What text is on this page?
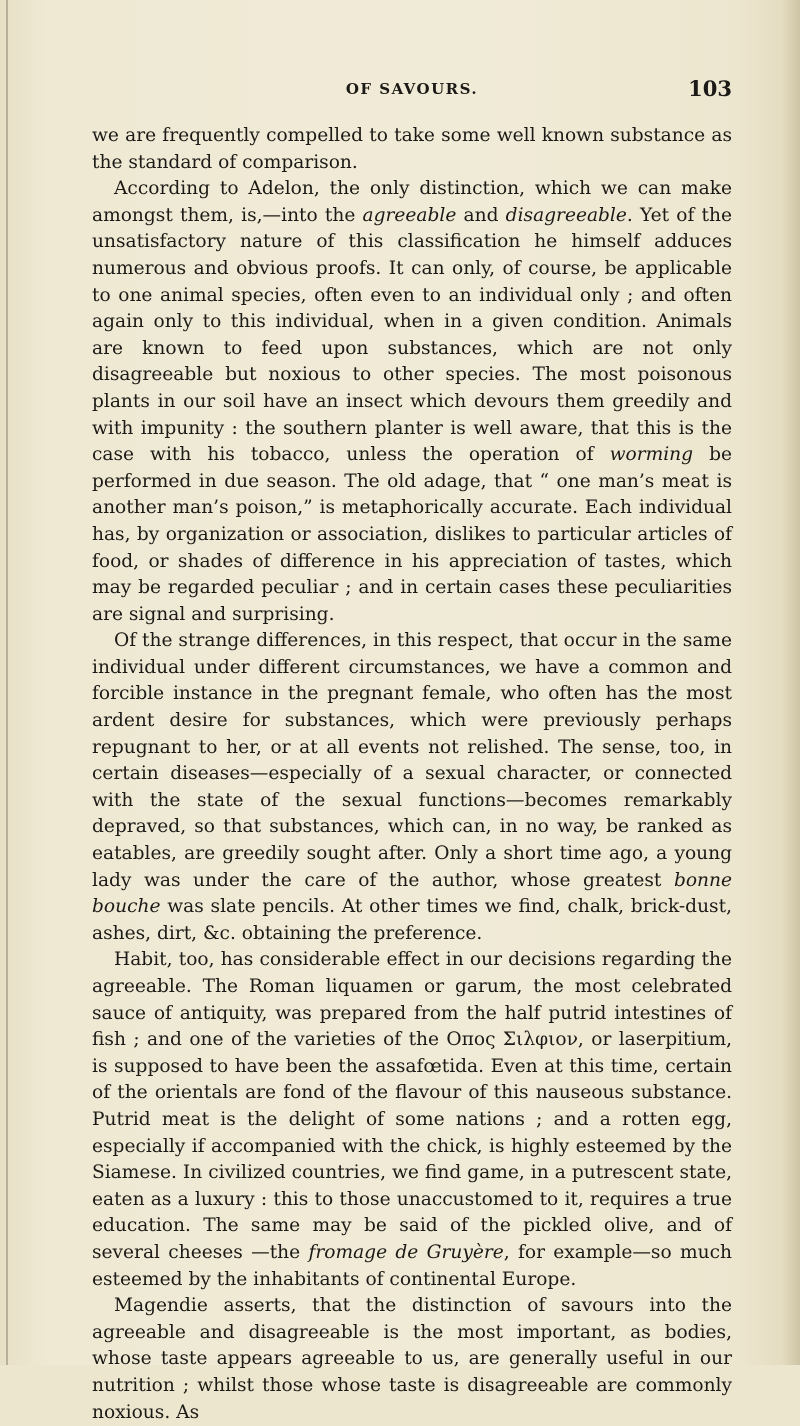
OF SAVOURS.	103

we are frequently compelled to take some well known substance as the standard of comparison.

According to Adelon, the only distinction, which we can make amongst them, is,—into the agreeable and disagreeable. Yet of the unsatisfactory nature of this classification he himself adduces numerous and obvious proofs. It can only, of course, be applicable to one animal species, often even to an individual only ; and often again only to this individual, when in a given condition. Animals are known to feed upon substances, which are not only disagreeable but noxious to other species. The most poisonous plants in our soil have an insect which devours them greedily and with impunity : the southern planter is well aware, that this is the case with his tobacco, unless the operation of worming be performed in due season. The old adage, that “ one man’s meat is another man’s poison,” is metaphorically accurate. Each individual has, by organization or association, dislikes to particular articles of food, or shades of difference in his appreciation of tastes, which may be regarded peculiar ; and in certain cases these peculiarities are signal and surprising.

Of the strange differences, in this respect, that occur in the same individual under different circumstances, we have a common and forcible instance in the pregnant female, who often has the most ardent desire for substances, which were previously perhaps repugnant to her, or at all events not relished. The sense, too, in certain diseases—especially of a sexual character, or connected with the state of the sexual functions—becomes remarkably depraved, so that substances, which can, in no way, be ranked as eatables, are greedily sought after. Only a short time ago, a young lady was under the care of the author, whose greatest bonne bouche was slate pencils. At other times we find, chalk, brick-dust, ashes, dirt, &c. obtaining the preference.

Habit, too, has considerable effect in our decisions regarding the agreeable. The Roman liquamen or garum, the most celebrated sauce of antiquity, was prepared from the half putrid intestines of fish ; and one of the varieties of the Οπος Σιλφιον, or laserpitium, is supposed to have been the assafœtida. Even at this time, certain of the orientals are fond of the flavour of this nauseous substance. Putrid meat is the delight of some nations ; and a rotten egg, especially if accompanied with the chick, is highly esteemed by the Siamese. In civilized countries, we find game, in a putrescent state, eaten as a luxury : this to those unaccustomed to it, requires a true education. The same may be said of the pickled olive, and of several cheeses —the fromage de Gruyère, for example—so much esteemed by the inhabitants of continental Europe.

Magendie asserts, that the distinction of savours into the agreeable and disagreeable is the most important, as bodies, whose taste appears agreeable to us, are generally useful in our nutrition ; whilst those whose taste is disagreeable are commonly noxious. As
